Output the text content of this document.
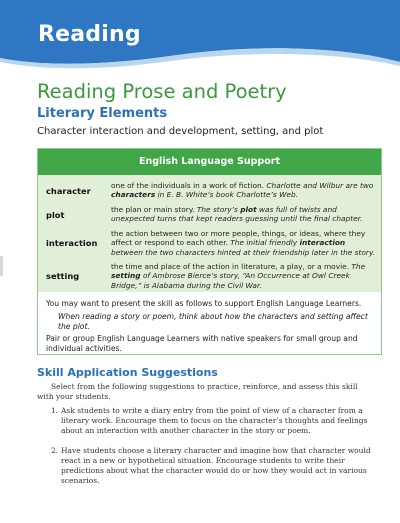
Reading
Reading Prose and Poetry
Literary Elements
Character interaction and development, setting, and plot
English Language Support
character
one of the individuals in a work of fiction. Charlotte and Wilbur are two characters in E. B. White’s book Charlotte’s Web.
plot
the plan or main story. The story’s plot was full of twists and unexpected turns that kept readers guessing until the final chapter.
interaction
the action between two or more people, things, or ideas, where they affect or respond to each other. The initial friendly interaction between the two characters hinted at their friendship later in the story.
setting
the time and place of the action in literature, a play, or a movie. The setting of Ambrose Bierce’s story, “An Occurrence at Owl Creek Bridge,” is Alabama during the Civil War.
You may want to present the skill as follows to support English Language Learners.
When reading a story or poem, think about how the characters and setting affect the plot.
Pair or group English Language Learners with native speakers for small group and individual activities.
Skill Application Suggestions
Select from the following suggestions to practice, reinforce, and assess this skill with your students.
1. Ask students to write a diary entry from the point of view of a character from a literary work. Encourage them to focus on the character’s thoughts and feelings about an interaction with another character in the story or poem.
2. Have students choose a literary character and imagine how that character would react in a new or hypothetical situation. Encourage students to write their predictions about what the character would do or how they would act in various scenarios.
